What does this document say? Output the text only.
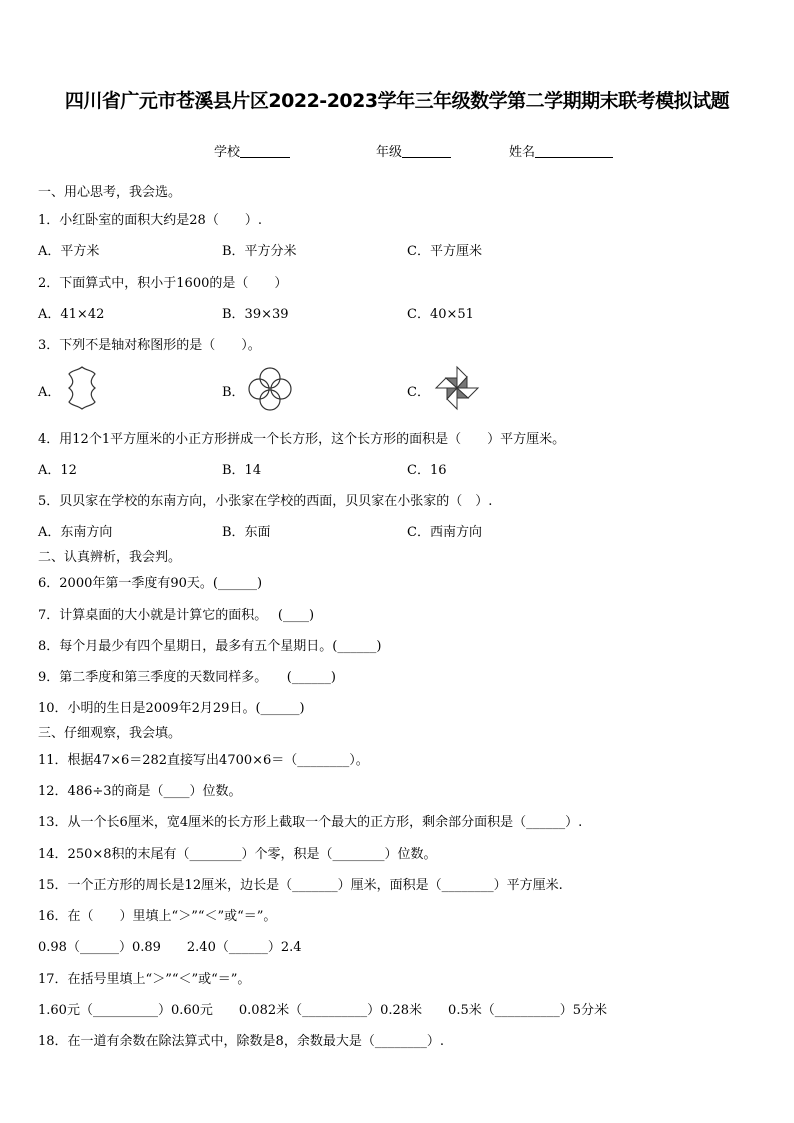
四川省广元市苍溪县片区2022-2023学年三年级数学第二学期期末联考模拟试题
学校	年级	姓名
一、用心思考，我会选。
1．小红卧室的面积大约是28（　　）.
A．平方米	B．平方分米	C．平方厘米
2．下面算式中，积小于1600的是（　　）
A．41×42	B．39×39	C．40×51
3．下列不是轴对称图形的是（　　）。
A．	B．	C．
4．用12个1平方厘米的小正方形拼成一个长方形，这个长方形的面积是（　　）平方厘米。
A．12	B．14	C．16
5．贝贝家在学校的东南方向，小张家在学校的西面，贝贝家在小张家的（　）.
A．东南方向	B．东面	C．西南方向
二、认真辨析，我会判。
6．2000年第一季度有90天。(______)
7．计算桌面的大小就是计算它的面积。　 (____)
8．每个月最少有四个星期日，最多有五个星期日。(______)
9．第二季度和第三季度的天数同样多。　　(______)
10．小明的生日是2009年2月29日。(______)
三、仔细观察，我会填。
11．根据47×6＝282直接写出4700×6＝（________）。
12．486÷3的商是（____）位数。
13．从一个长6厘米，宽4厘米的长方形上截取一个最大的正方形，剩余部分面积是（______）.
14．250×8积的末尾有（________）个零，积是（________）位数。
15．一个正方形的周长是12厘米，边长是（_______）厘米，面积是（________）平方厘米.
16．在（　　）里填上“＞”“＜”或“＝”。
0.98（______）0.89　　2.40（______）2.4
17．在括号里填上“＞”“＜”或“＝”。
1.60元（__________）0.60元　　0.082米（__________）0.28米　　0.5米（__________）5分米
18．在一道有余数在除法算式中，除数是8，余数最大是（________）.
